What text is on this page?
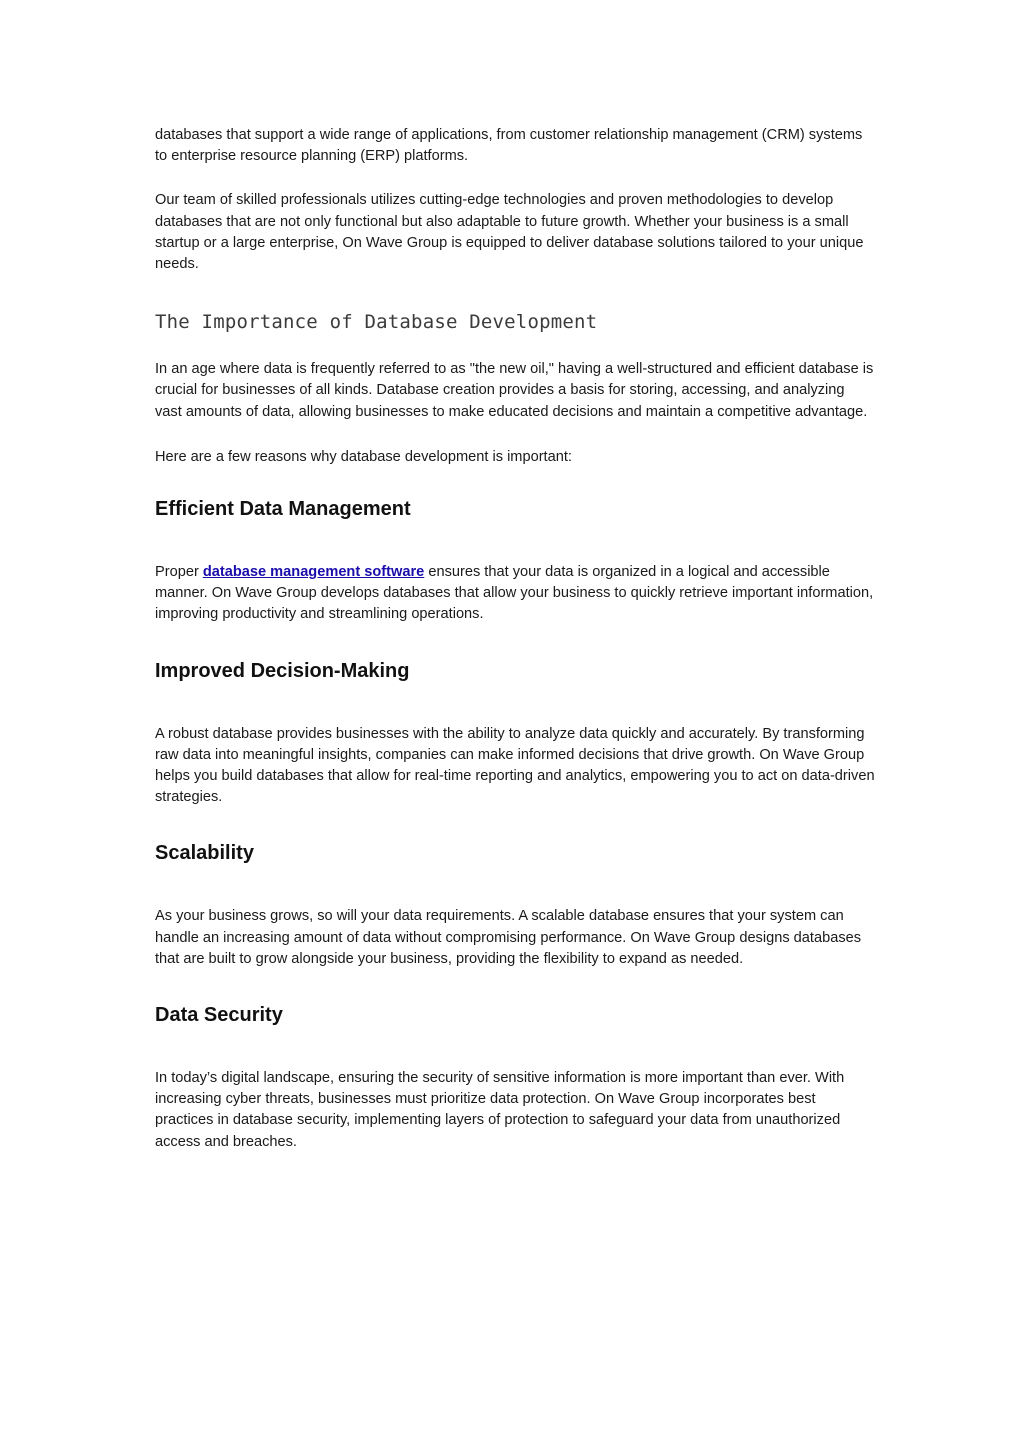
databases that support a wide range of applications, from customer relationship management (CRM) systems to enterprise resource planning (ERP) platforms.

Our team of skilled professionals utilizes cutting-edge technologies and proven methodologies to develop databases that are not only functional but also adaptable to future growth. Whether your business is a small startup or a large enterprise, On Wave Group is equipped to deliver database solutions tailored to your unique needs.

The Importance of Database Development

In an age where data is frequently referred to as "the new oil," having a well-structured and efficient database is crucial for businesses of all kinds. Database creation provides a basis for storing, accessing, and analyzing vast amounts of data, allowing businesses to make educated decisions and maintain a competitive advantage.

Here are a few reasons why database development is important:

Efficient Data Management

Proper database management software ensures that your data is organized in a logical and accessible manner. On Wave Group develops databases that allow your business to quickly retrieve important information, improving productivity and streamlining operations.

Improved Decision-Making

A robust database provides businesses with the ability to analyze data quickly and accurately. By transforming raw data into meaningful insights, companies can make informed decisions that drive growth. On Wave Group helps you build databases that allow for real-time reporting and analytics, empowering you to act on data-driven strategies.

Scalability

As your business grows, so will your data requirements. A scalable database ensures that your system can handle an increasing amount of data without compromising performance. On Wave Group designs databases that are built to grow alongside your business, providing the flexibility to expand as needed.

Data Security

In today’s digital landscape, ensuring the security of sensitive information is more important than ever. With increasing cyber threats, businesses must prioritize data protection. On Wave Group incorporates best practices in database security, implementing layers of protection to safeguard your data from unauthorized access and breaches.
